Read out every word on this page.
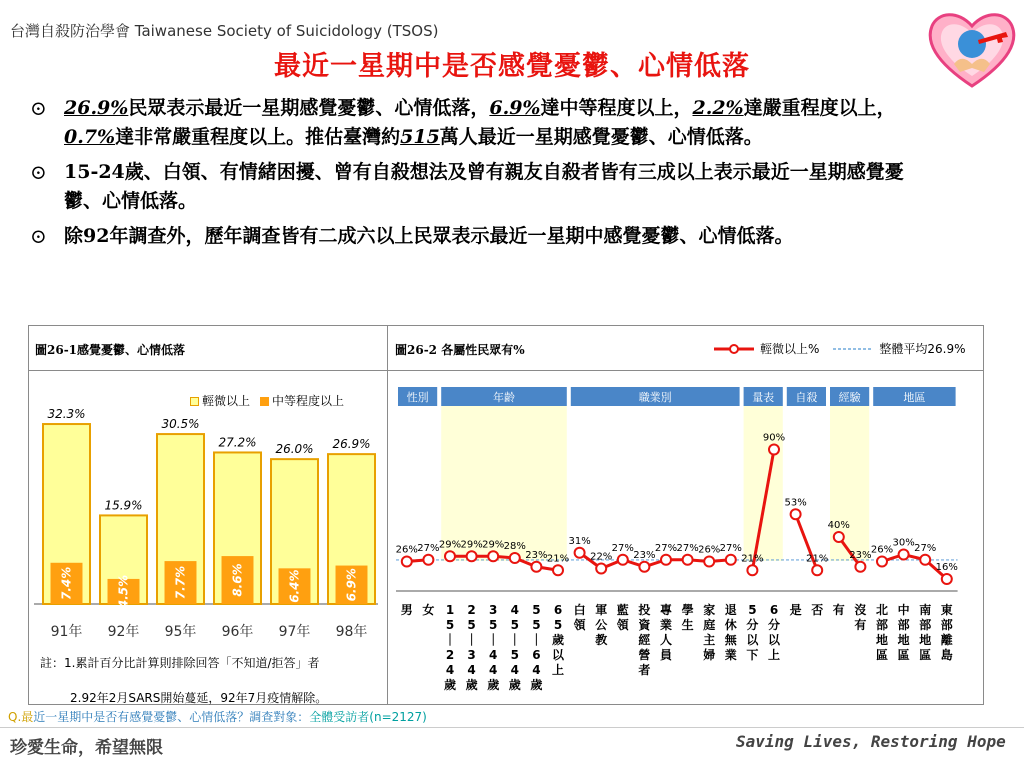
台灣自殺防治學會 Taiwanese Society of Suicidology (TSOS)
最近一星期中是否感覺憂鬱、心情低落
⊙ 26.9%民眾表示最近一星期感覺憂鬱、心情低落，6.9%達中等程度以上，2.2%達嚴重程度以上，0.7%達非常嚴重程度以上。推估臺灣約515萬人最近一星期感覺憂鬱、心情低落。
⊙ 15-24歲、白領、有情緒困擾、曾有自殺想法及曾有親友自殺者皆有三成以上表示最近一星期感覺憂鬱、心情低落。
⊙ 除92年調查外，歷年調查皆有二成六以上民眾表示最近一星期中感覺憂鬱、心情低落。
圖26-1感覺憂鬱、心情低落	圖26-2 各屬性民眾有%
輕微以上	中等程度以上
輕微以上%	整體平均26.9%
32.3%
7.4%
91年
15.9%
4.5%
92年
30.5%
7.7%
95年
27.2%
8.6%
96年
26.0%
6.4%
97年
26.9%
6.9%
98年
性別	年齡	職業別	量表 自殺 經驗	地區
26% 27% 29% 29% 29% 28%
23% 21%
31%
22%
27%
23%
27% 27% 26% 27%
21%
90%
53%
21%
40%
23% 26%
30% 27%
16%
男 女 1 5 ｜ 2 4 歲
2 5 ｜ 3 4 歲
3 5 ｜ 4 4 歲
4 5 ｜ 5 4 歲
5 5 ｜ 6 4 歲
6 5 歲以上
白領
軍公教
藍領
投資經營者
專業人員
學生
家庭主婦
退休無業
5 分以下
6 分以上
是 否 有 沒有
北部地區
中部地區
南部地區
東部離島
註：1.累計百分比計算則排除回答「不知道/拒答」者
2.92年2月SARS開始蔓延，92年7月疫情解除。
Q.最近一星期中是否有感覺憂鬱、心情低落？調查對象：全體受訪者(n=2127)
珍愛生命，希望無限	Saving Lives, Restoring Hope
